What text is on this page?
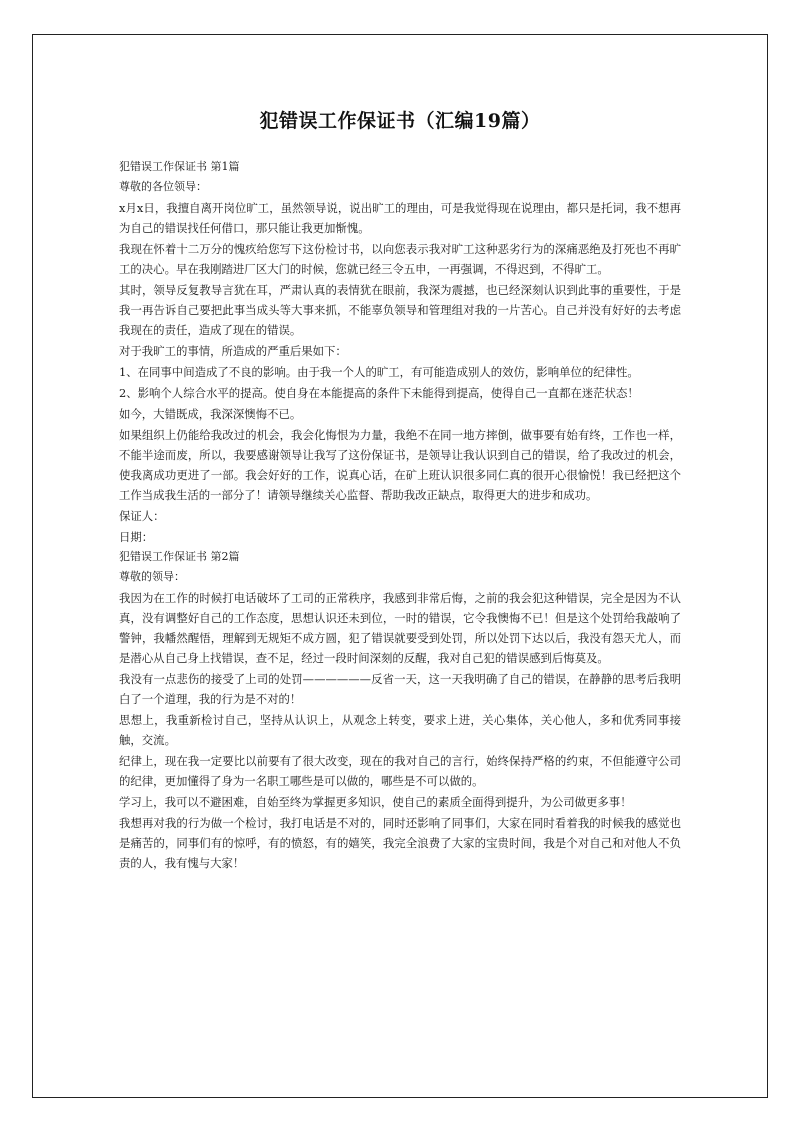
犯错误工作保证书（汇编19篇）

犯错误工作保证书 第1篇

尊敬的各位领导：

x月x日，我擅自离开岗位旷工，虽然领导说，说出旷工的理由，可是我觉得现在说理由，都只是托词，我不想再为自己的错误找任何借口，那只能让我更加惭愧。

我现在怀着十二万分的愧疚给您写下这份检讨书，以向您表示我对旷工这种恶劣行为的深痛恶绝及打死也不再旷工的决心。早在我刚踏进厂区大门的时候，您就已经三令五申，一再强调，不得迟到，不得旷工。

其时，领导反复教导言犹在耳，严肃认真的表情犹在眼前，我深为震撼，也已经深刻认识到此事的重要性，于是我一再告诉自己要把此事当成头等大事来抓，不能辜负领导和管理组对我的一片苦心。自己并没有好好的去考虑我现在的责任，造成了现在的错误。

对于我旷工的事情，所造成的严重后果如下：

1、在同事中间造成了不良的影响。由于我一个人的旷工，有可能造成别人的效仿，影响单位的纪律性。

2、影响个人综合水平的提高。使自身在本能提高的条件下未能得到提高，使得自己一直都在迷茫状态！

如今，大错既成，我深深懊悔不已。

如果组织上仍能给我改过的机会，我会化悔恨为力量，我绝不在同一地方摔倒，做事要有始有终，工作也一样，不能半途而废，所以，我要感谢领导让我写了这份保证书，是领导让我认识到自己的错误，给了我改过的机会，使我离成功更进了一部。我会好好的工作，说真心话，在矿上班认识很多同仁真的很开心很愉悦！我已经把这个工作当成我生活的一部分了！请领导继续关心监督、帮助我改正缺点，取得更大的进步和成功。

保证人：

日期：

犯错误工作保证书 第2篇

尊敬的领导：

我因为在工作的时候打电话破坏了工司的正常秩序，我感到非常后悔，之前的我会犯这种错误，完全是因为不认真，没有调整好自己的工作态度，思想认识还未到位，一时的错误，它令我懊悔不已！但是这个处罚给我敲响了警钟，我幡然醒悟，理解到无规矩不成方圆，犯了错误就要受到处罚，所以处罚下达以后，我没有怨天尤人，而是潜心从自己身上找错误，查不足，经过一段时间深刻的反醒，我对自己犯的错误感到后悔莫及。

我没有一点悲伤的接受了上司的处罚——————反省一天，这一天我明确了自己的错误，在静静的思考后我明白了一个道理，我的行为是不对的！

思想上，我重新检讨自己，坚持从认识上，从观念上转变，要求上进，关心集体，关心他人，多和优秀同事接触，交流。

纪律上，现在我一定要比以前要有了很大改变，现在的我对自己的言行，始终保持严格的约束，不但能遵守公司的纪律，更加懂得了身为一名职工哪些是可以做的，哪些是不可以做的。

学习上，我可以不避困难，自始至终为掌握更多知识，使自己的素质全面得到提升，为公司做更多事！

我想再对我的行为做一个检讨，我打电话是不对的，同时还影响了同事们，大家在同时看着我的时候我的感觉也是痛苦的，同事们有的惊呼，有的愤怒，有的嬉笑，我完全浪费了大家的宝贵时间，我是个对自己和对他人不负责的人，我有愧与大家！
